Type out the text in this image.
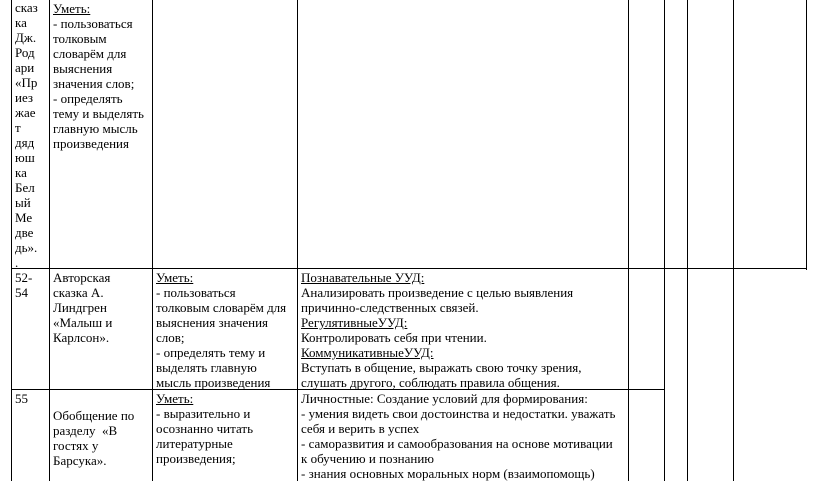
сказ
ка
Дж.
Род
ари
«Пр
иез
жае
т
дяд
юш
ка
Бел
ый
Ме
две
дь».
.
Уметь:
- пользоваться
толковым
словарём для
выяснения
значения слов;
- определять
тему и выделять
главную мысль
произведения
52-
54
Авторская
сказка А.
Линдгрен
«Малыш и
Карлсон».
Уметь:
- пользоваться
толковым словарём для
выяснения значения
слов;
- определять тему и
выделять главную
мысль произведения
Познавательные УУД:
Анализировать произведение с целью выявления
причинно-следственных связей.
РегулятивныеУУД:
Контролировать себя при чтении.
КоммуникативныеУУД:
Вступать в общение, выражать свою точку зрения,
слушать другого, соблюдать правила общения.
55
Обобщение по
разделу  «В
гостях у
Барсука».
Уметь:
- выразительно и
осознанно читать
литературные
произведения;
Личностные: Создание условий для формирования:
- умения видеть свои достоинства и недостатки. уважать
себя и верить в успех
- саморазвития и самообразования на основе мотивации
к обучению и познанию
- знания основных моральных норм (взаимопомощь)
